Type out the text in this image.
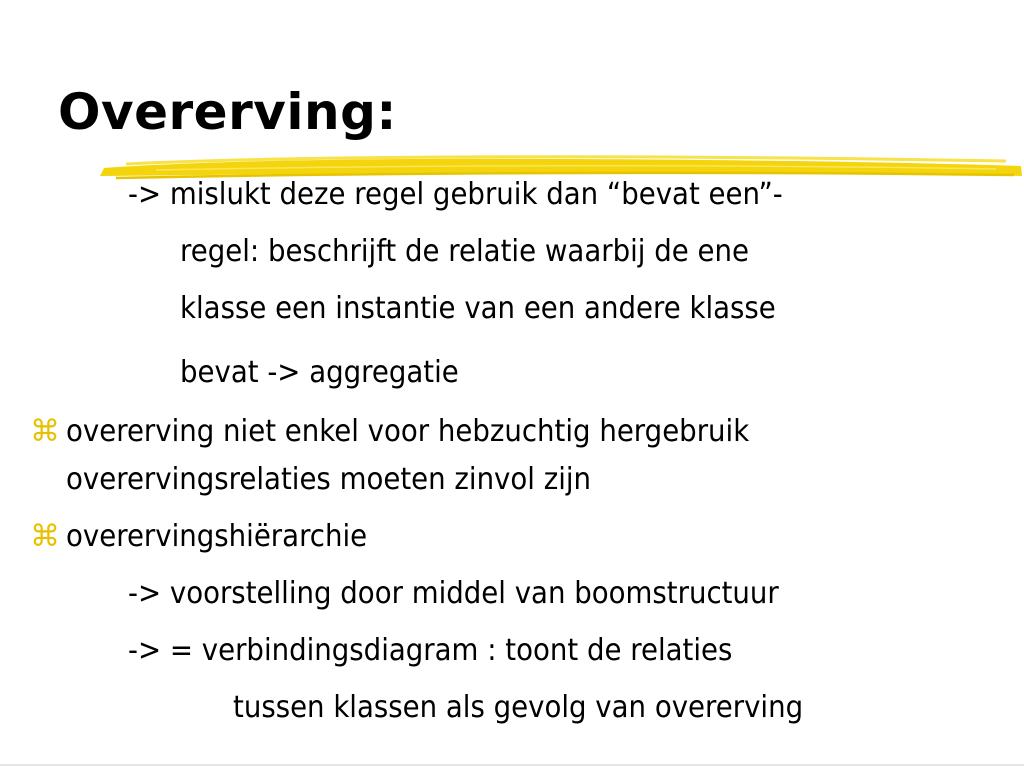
Overerving:
-> mislukt deze regel gebruik dan “bevat een”-
regel: beschrijft de relatie waarbij de ene
klasse een instantie van een andere klasse
bevat -> aggregatie
⌘ overerving niet enkel voor hebzuchtig hergebruik
overervingsrelaties moeten zinvol zijn
⌘ overervingshiërarchie
-> voorstelling door middel van boomstructuur
-> = verbindingsdiagram : toont de relaties
tussen klassen als gevolg van overerving
